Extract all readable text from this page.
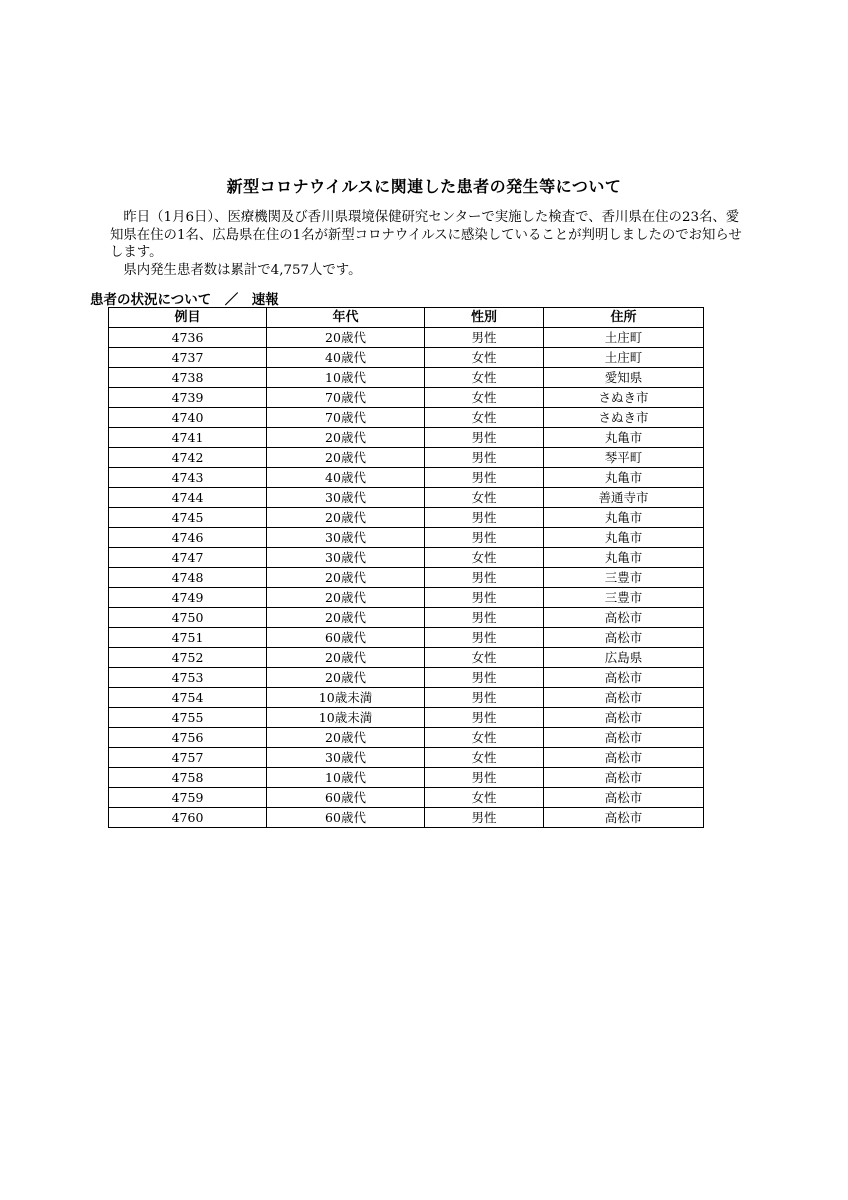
新型コロナウイルスに関連した患者の発生等について

昨日（1月6日）、医療機関及び香川県環境保健研究センターで実施した検査で、香川県在住の23名、愛知県在住の1名、広島県在住の1名が新型コロナウイルスに感染していることが判明しましたのでお知らせします。

県内発生患者数は累計で4,757人です。

患者の状況について　／　速報
例目	年代	性別	住所
4736	20歳代	男性	土庄町
4737	40歳代	女性	土庄町
4738	10歳代	女性	愛知県
4739	70歳代	女性	さぬき市
4740	70歳代	女性	さぬき市
4741	20歳代	男性	丸亀市
4742	20歳代	男性	琴平町
4743	40歳代	男性	丸亀市
4744	30歳代	女性	善通寺市
4745	20歳代	男性	丸亀市
4746	30歳代	男性	丸亀市
4747	30歳代	女性	丸亀市
4748	20歳代	男性	三豊市
4749	20歳代	男性	三豊市
4750	20歳代	男性	高松市
4751	60歳代	男性	高松市
4752	20歳代	女性	広島県
4753	20歳代	男性	高松市
4754	10歳未満	男性	高松市
4755	10歳未満	男性	高松市
4756	20歳代	女性	高松市
4757	30歳代	女性	高松市
4758	10歳代	男性	高松市
4759	60歳代	女性	高松市
4760	60歳代	男性	高松市
